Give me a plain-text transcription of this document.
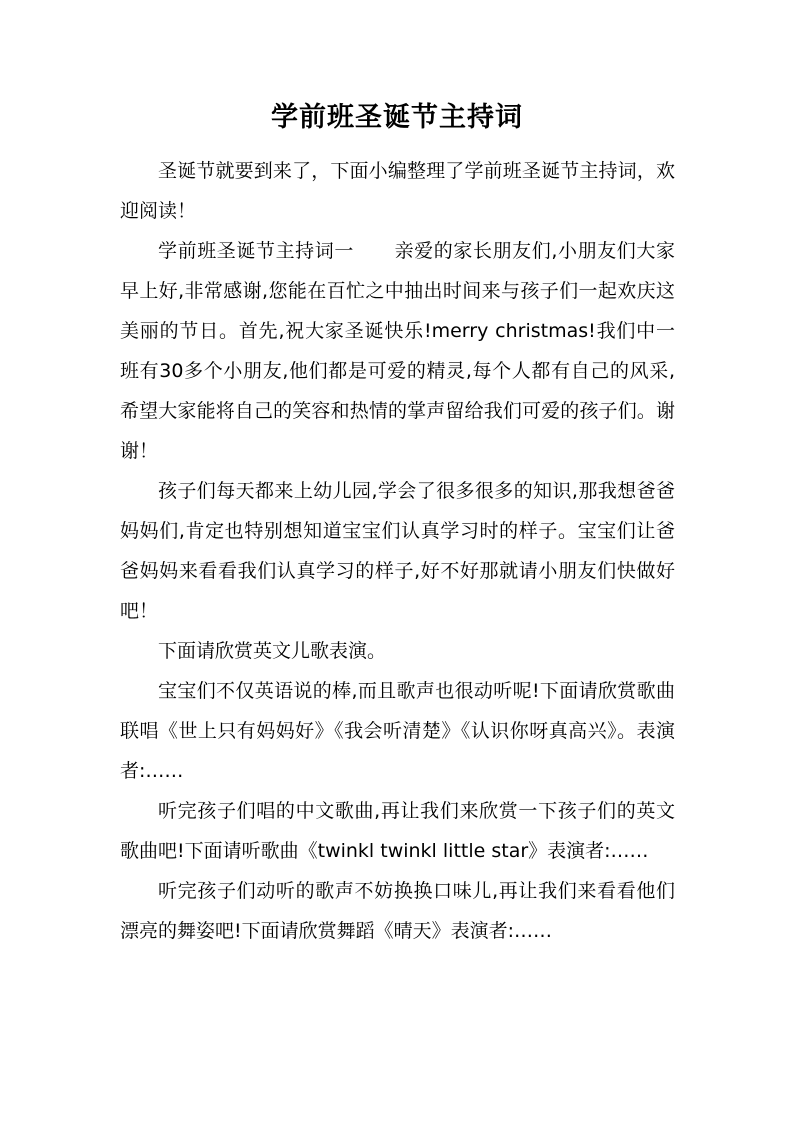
学前班圣诞节主持词

圣诞节就要到来了，下面小编整理了学前班圣诞节主持词，欢迎阅读！

学前班圣诞节主持词一 亲爱的家长朋友们,小朋友们大家早上好,非常感谢,您能在百忙之中抽出时间来与孩子们一起欢庆这美丽的节日。首先,祝大家圣诞快乐!merry christmas!我们中一班有30多个小朋友,他们都是可爱的精灵,每个人都有自己的风采,希望大家能将自己的笑容和热情的掌声留给我们可爱的孩子们。谢谢！

孩子们每天都来上幼儿园,学会了很多很多的知识,那我想爸爸妈妈们,肯定也特别想知道宝宝们认真学习时的样子。宝宝们让爸爸妈妈来看看我们认真学习的样子,好不好那就请小朋友们快做好吧！

下面请欣赏英文儿歌表演。

宝宝们不仅英语说的棒,而且歌声也很动听呢!下面请欣赏歌曲联唱《世上只有妈妈好》《我会听清楚》《认识你呀真高兴》。表演者:……

听完孩子们唱的中文歌曲,再让我们来欣赏一下孩子们的英文歌曲吧!下面请听歌曲《twinkl twinkl little star》表演者:……

听完孩子们动听的歌声不妨换换口味儿,再让我们来看看他们漂亮的舞姿吧!下面请欣赏舞蹈《晴天》表演者:……
